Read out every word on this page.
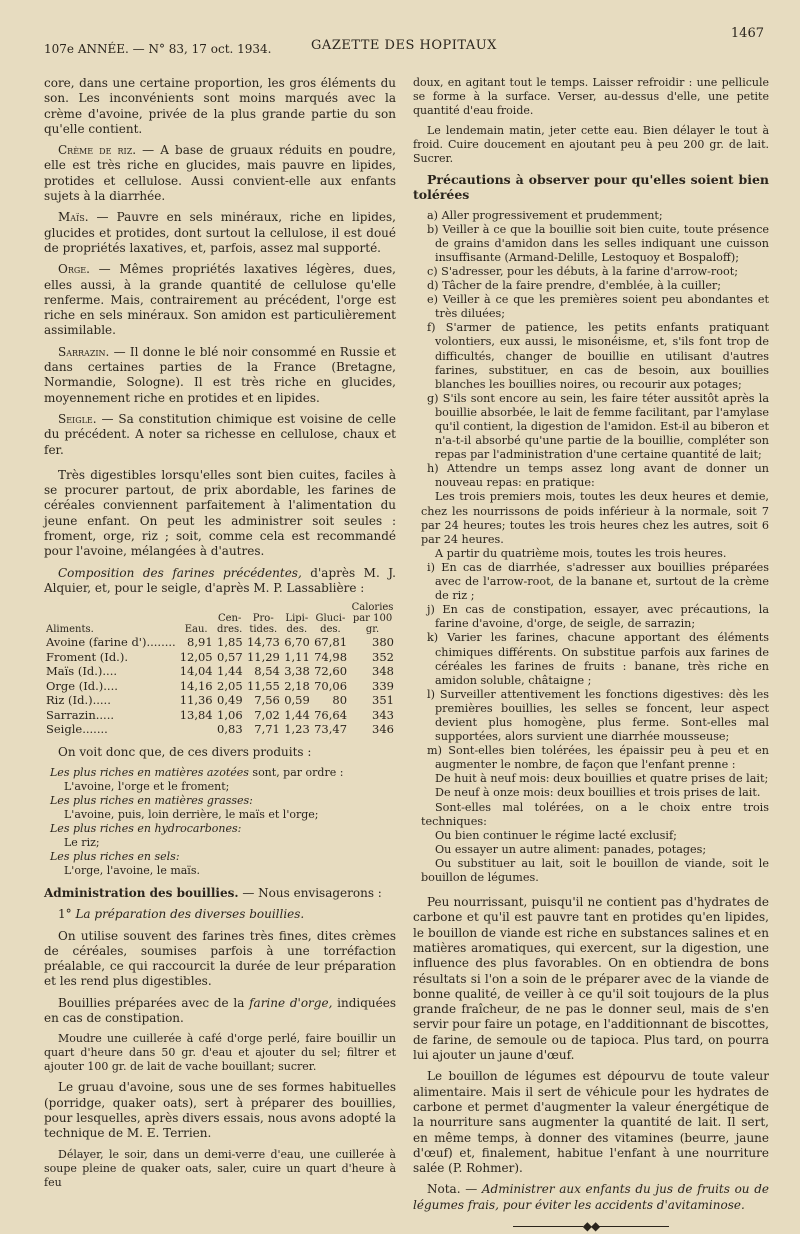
107e ANNÉE. — N° 83, 17 oct. 1934.	GAZETTE DES HOPITAUX
1467

core, dans une certaine proportion, les gros éléments du son. Les inconvénients sont moins marqués avec la crème d'avoine, privée de la plus grande partie du son qu'elle contient.

Crème de riz. — A base de gruaux réduits en poudre, elle est très riche en glucides, mais pauvre en lipides, protides et cellulose. Aussi convient-elle aux enfants sujets à la diarrhée.

Maïs. — Pauvre en sels minéraux, riche en lipides, glucides et protides, dont surtout la cellulose, il est doué de propriétés laxatives, et, parfois, assez mal supporté.

Orge. — Mêmes propriétés laxatives légères, dues, elles aussi, à la grande quantité de cellulose qu'elle renferme. Mais, contrairement au précédent, l'orge est riche en sels minéraux. Son amidon est particulièrement assimilable.

Sarrazin. — Il donne le blé noir consommé en Russie et dans certaines parties de la France (Bretagne, Normandie, Sologne). Il est très riche en glucides, moyennement riche en protides et en lipides.

Seigle. — Sa constitution chimique est voisine de celle du précédent. A noter sa richesse en cellulose, chaux et fer.

Très digestibles lorsqu'elles sont bien cuites, faciles à se procurer partout, de prix abordable, les farines de céréales conviennent parfaitement à l'alimentation du jeune enfant. On peut les administrer soit seules : froment, orge, riz ; soit, comme cela est recommandé pour l'avoine, mélangées à d'autres.

Composition des farines précédentes, d'après M. J. Alquier, et, pour le seigle, d'après M. P. Lassablière :

Aliments.	Eau.	Cen-dres.	Pro-tides.	Lipi-des.	Gluci-des.	Calories par 100 gr.
Avoine (farine d')........	8,91	1,85	14,73	6,70	67,81	380
Froment (Id.).	12,05	0,57	11,29	1,11	74,98	352
Maïs (Id.)....	14,04	1,44	8,54	3,38	72,60	348
Orge (Id.)....	14,16	2,05	11,55	2,18	70,06	339
Riz (Id.).....	11,36	0,49	7,56	0,59	80	351
Sarrazin.....	13,84	1,06	7,02	1,44	76,64	343
Seigle.......		0,83	7,71	1,23	73,47	346

On voit donc que, de ces divers produits :

Les plus riches en matières azotées sont, par ordre :
L'avoine, l'orge et le froment;
Les plus riches en matières grasses:
L'avoine, puis, loin derrière, le maïs et l'orge;
Les plus riches en hydrocarbones:
Le riz;
Les plus riches en sels:
L'orge, l'avoine, le maïs.

Administration des bouillies. — Nous envisagerons :

1° La préparation des diverses bouillies.

On utilise souvent des farines très fines, dites crèmes de céréales, soumises parfois à une torréfaction préalable, ce qui raccourcit la durée de leur préparation et les rend plus digestibles.

Bouillies préparées avec de la farine d'orge, indiquées en cas de constipation.

Moudre une cuillerée à café d'orge perlé, faire bouillir un quart d'heure dans 50 gr. d'eau et ajouter du sel; filtrer et ajouter 100 gr. de lait de vache bouillant; sucrer.

Le gruau d'avoine, sous une de ses formes habituelles (porridge, quaker oats), sert à préparer des bouillies, pour lesquelles, après divers essais, nous avons adopté la technique de M. E. Terrien.

Délayer, le soir, dans un demi-verre d'eau, une cuillerée à soupe pleine de quaker oats, saler, cuire un quart d'heure à feu

doux, en agitant tout le temps. Laisser refroidir : une pellicule se forme à la surface. Verser, au-dessus d'elle, une petite quantité d'eau froide.

Le lendemain matin, jeter cette eau. Bien délayer le tout à froid. Cuire doucement en ajoutant peu à peu 200 gr. de lait. Sucrer.

Précautions à observer pour qu'elles soient bien tolérées

a) Aller progressivement et prudemment;
b) Veiller à ce que la bouillie soit bien cuite, toute présence de grains d'amidon dans les selles indiquant une cuisson insuffisante (Armand-Delille, Lestoquoy et Bospaloff);
c) S'adresser, pour les débuts, à la farine d'arrow-root;
d) Tâcher de la faire prendre, d'emblée, à la cuiller;
e) Veiller à ce que les premières soient peu abondantes et très diluées;
f) S'armer de patience, les petits enfants pratiquant volontiers, eux aussi, le misonéisme, et, s'ils font trop de difficultés, changer de bouillie en utilisant d'autres farines, substituer, en cas de besoin, aux bouillies blanches les bouillies noires, ou recourir aux potages;
g) S'ils sont encore au sein, les faire téter aussitôt après la bouillie absorbée, le lait de femme facilitant, par l'amylase qu'il contient, la digestion de l'amidon. Est-il au biberon et n'a-t-il absorbé qu'une partie de la bouillie, compléter son repas par l'administration d'une certaine quantité de lait;
h) Attendre un temps assez long avant de donner un nouveau repas: en pratique:
Les trois premiers mois, toutes les deux heures et demie, chez les nourrissons de poids inférieur à la normale, soit 7 par 24 heures; toutes les trois heures chez les autres, soit 6 par 24 heures.
A partir du quatrième mois, toutes les trois heures.
i) En cas de diarrhée, s'adresser aux bouillies préparées avec de l'arrow-root, de la banane et, surtout de la crème de riz ;
j) En cas de constipation, essayer, avec précautions, la farine d'avoine, d'orge, de seigle, de sarrazin;
k) Varier les farines, chacune apportant des éléments chimiques différents. On substitue parfois aux farines de céréales les farines de fruits : banane, très riche en amidon soluble, châtaigne ;
l) Surveiller attentivement les fonctions digestives: dès les premières bouillies, les selles se foncent, leur aspect devient plus homogène, plus ferme. Sont-elles mal supportées, alors survient une diarrhée mousseuse;
m) Sont-elles bien tolérées, les épaissir peu à peu et en augmenter le nombre, de façon que l'enfant prenne :
De huit à neuf mois: deux bouillies et quatre prises de lait;
De neuf à onze mois: deux bouillies et trois prises de lait.
Sont-elles mal tolérées, on a le choix entre trois techniques:
Ou bien continuer le régime lacté exclusif;
Ou essayer un autre aliment: panades, potages;
Ou substituer au lait, soit le bouillon de viande, soit le bouillon de légumes.

Peu nourrissant, puisqu'il ne contient pas d'hydrates de carbone et qu'il est pauvre tant en protides qu'en lipides, le bouillon de viande est riche en substances salines et en matières aromatiques, qui exercent, sur la digestion, une influence des plus favorables. On en obtiendra de bons résultats si l'on a soin de le préparer avec de la viande de bonne qualité, de veiller à ce qu'il soit toujours de la plus grande fraîcheur, de ne pas le donner seul, mais de s'en servir pour faire un potage, en l'additionnant de biscottes, de farine, de semoule ou de tapioca. Plus tard, on pourra lui ajouter un jaune d'œuf.

Le bouillon de légumes est dépourvu de toute valeur alimentaire. Mais il sert de véhicule pour les hydrates de carbone et permet d'augmenter la valeur énergétique de la nourriture sans augmenter la quantité de lait. Il sert, en même temps, à donner des vitamines (beurre, jaune d'œuf) et, finalement, habitue l'enfant à une nourriture salée (P. Rohmer).

Nota. — Administrer aux enfants du jus de fruits ou de légumes frais, pour éviter les accidents d'avitaminose.

◆◆
